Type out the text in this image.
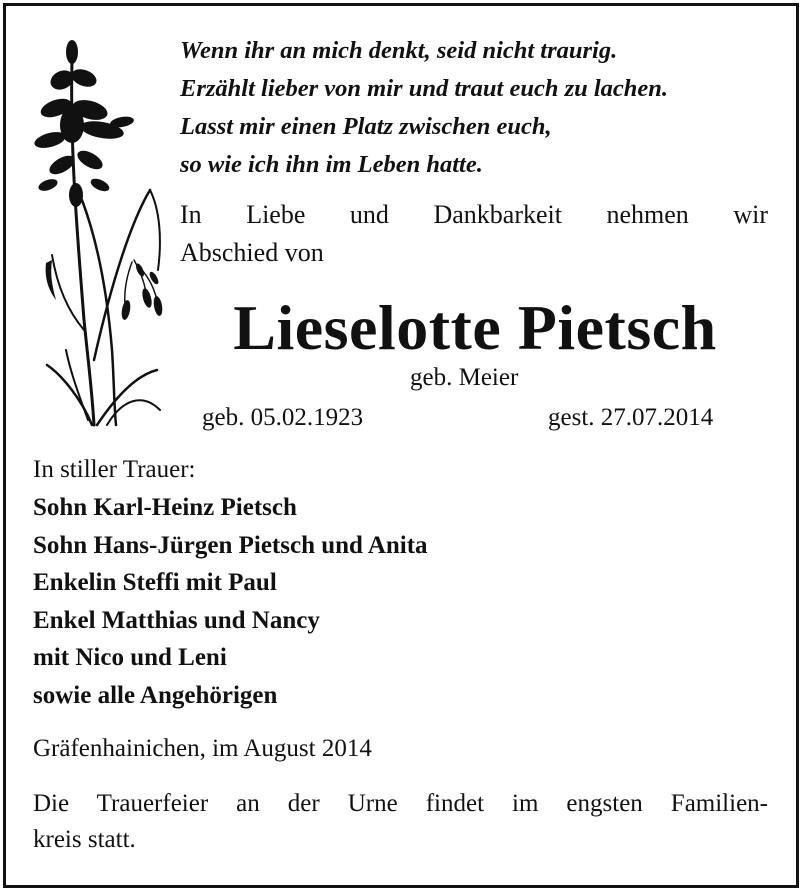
Wenn ihr an mich denkt, seid nicht traurig.
Erzählt lieber von mir und traut euch zu lachen.
Lasst mir einen Platz zwischen euch,
so wie ich ihn im Leben hatte.
In Liebe und Dankbarkeit nehmen wir
Abschied von
Lieselotte Pietsch
geb. Meier
geb. 05.02.1923	gest. 27.07.2014
In stiller Trauer:
Sohn Karl-Heinz Pietsch
Sohn Hans-Jürgen Pietsch und Anita
Enkelin Steffi mit Paul
Enkel Matthias und Nancy
mit Nico und Leni
sowie alle Angehörigen
Gräfenhainichen, im August 2014
Die Trauerfeier an der Urne findet im engsten Familien-
kreis statt.
